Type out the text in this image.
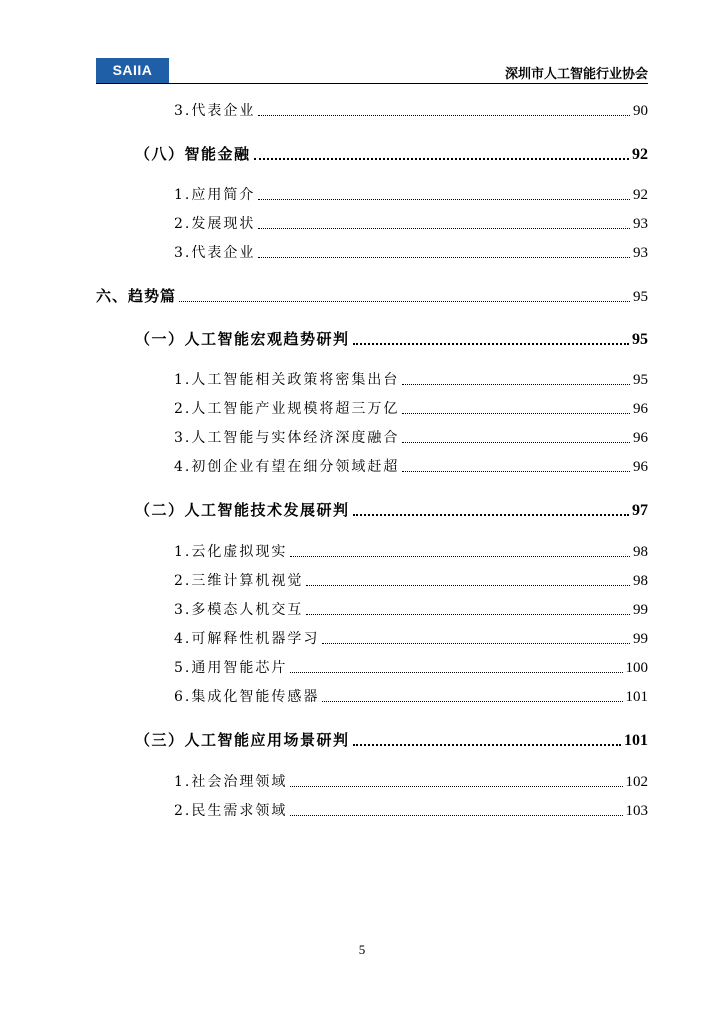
SAIIA	深圳市人工智能行业协会
3.代表企业	90
（八）智能金融	92
1.应用简介	92
2.发展现状	93
3.代表企业	93
六、趋势篇	95
（一）人工智能宏观趋势研判	95
1.人工智能相关政策将密集出台	95
2.人工智能产业规模将超三万亿	96
3.人工智能与实体经济深度融合	96
4.初创企业有望在细分领域赶超	96
（二）人工智能技术发展研判	97
1.云化虚拟现实	98
2.三维计算机视觉	98
3.多模态人机交互	99
4.可解释性机器学习	99
5.通用智能芯片	100
6.集成化智能传感器	101
（三）人工智能应用场景研判	101
1.社会治理领域	102
2.民生需求领域	103
5
